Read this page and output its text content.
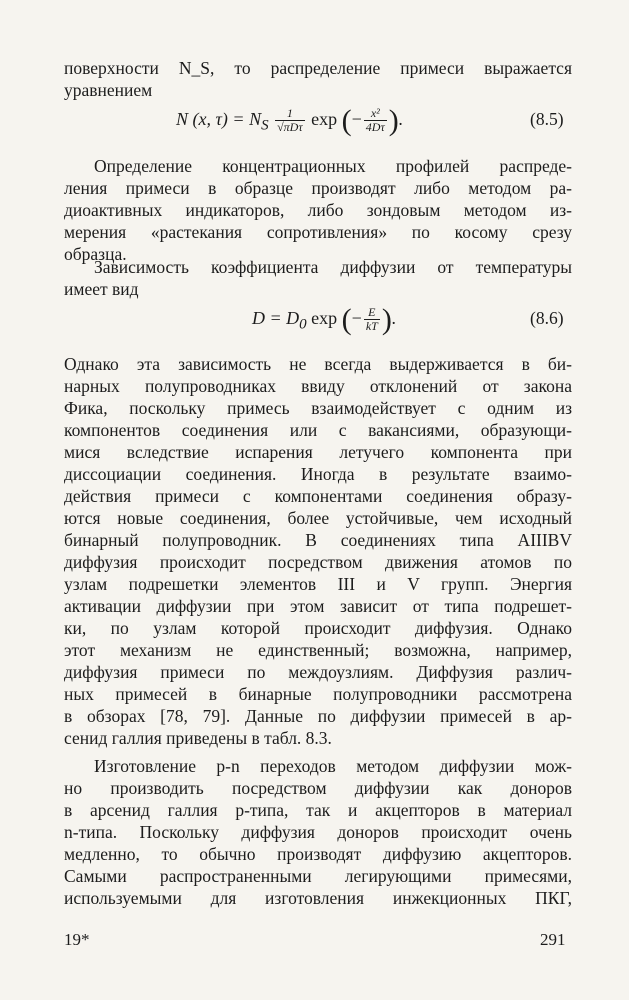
поверхности N_S, то распределение примеси выражается
уравнением
N (x, $\tau) = N_S \frac{1}{\text{√πDτ}}$ exp (− $\frac{\text{x²}}{4D\tau}$ ).	(8.5)
Определение концентрационных профилей распреде-
ления примеси в образце производят либо методом ра-
диоактивных индикаторов, либо зондовым методом из-
мерения «растекания сопротивления» по косому срезу
образца.
Зависимость коэффициента диффузии от температуры
имеет вид
$D = D_0$ exp (− $\frac{E}{kT}$ ).	(8.6)
Однако эта зависимость не всегда выдерживается в би-
нарных полупроводниках ввиду отклонений от закона
Фика, поскольку примесь взаимодействует с одним из
компонентов соединения или с вакансиями, образующи-
мися вследствие испарения летучего компонента при
диссоциации соединения. Иногда в результате взаимо-
действия примеси с компонентами соединения образу-
ются новые соединения, более устойчивые, чем исходный
бинарный полупроводник. В соединениях типа AIIIBV
диффузия происходит посредством движения атомов по
узлам подрешетки элементов III и V групп. Энергия
активации диффузии при этом зависит от типа подрешет-
ки, по узлам которой происходит диффузия. Однако
этот механизм не единственный; возможна, например,
диффузия примеси по междоузлиям. Диффузия различ-
ных примесей в бинарные полупроводники рассмотрена
в обзорах [78, 79]. Данные по диффузии примесей в ар-
сенид галлия приведены в табл. 8.3.
Изготовление p-n переходов методом диффузии мож-
но производить посредством диффузии как доноров
в арсенид галлия p-типа, так и акцепторов в материал
n-типа. Поскольку диффузия доноров происходит очень
медленно, то обычно производят диффузию акцепторов.
Самыми распространенными легирующими примесями,
используемыми для изготовления инжекционных ПКГ,
19*	291
